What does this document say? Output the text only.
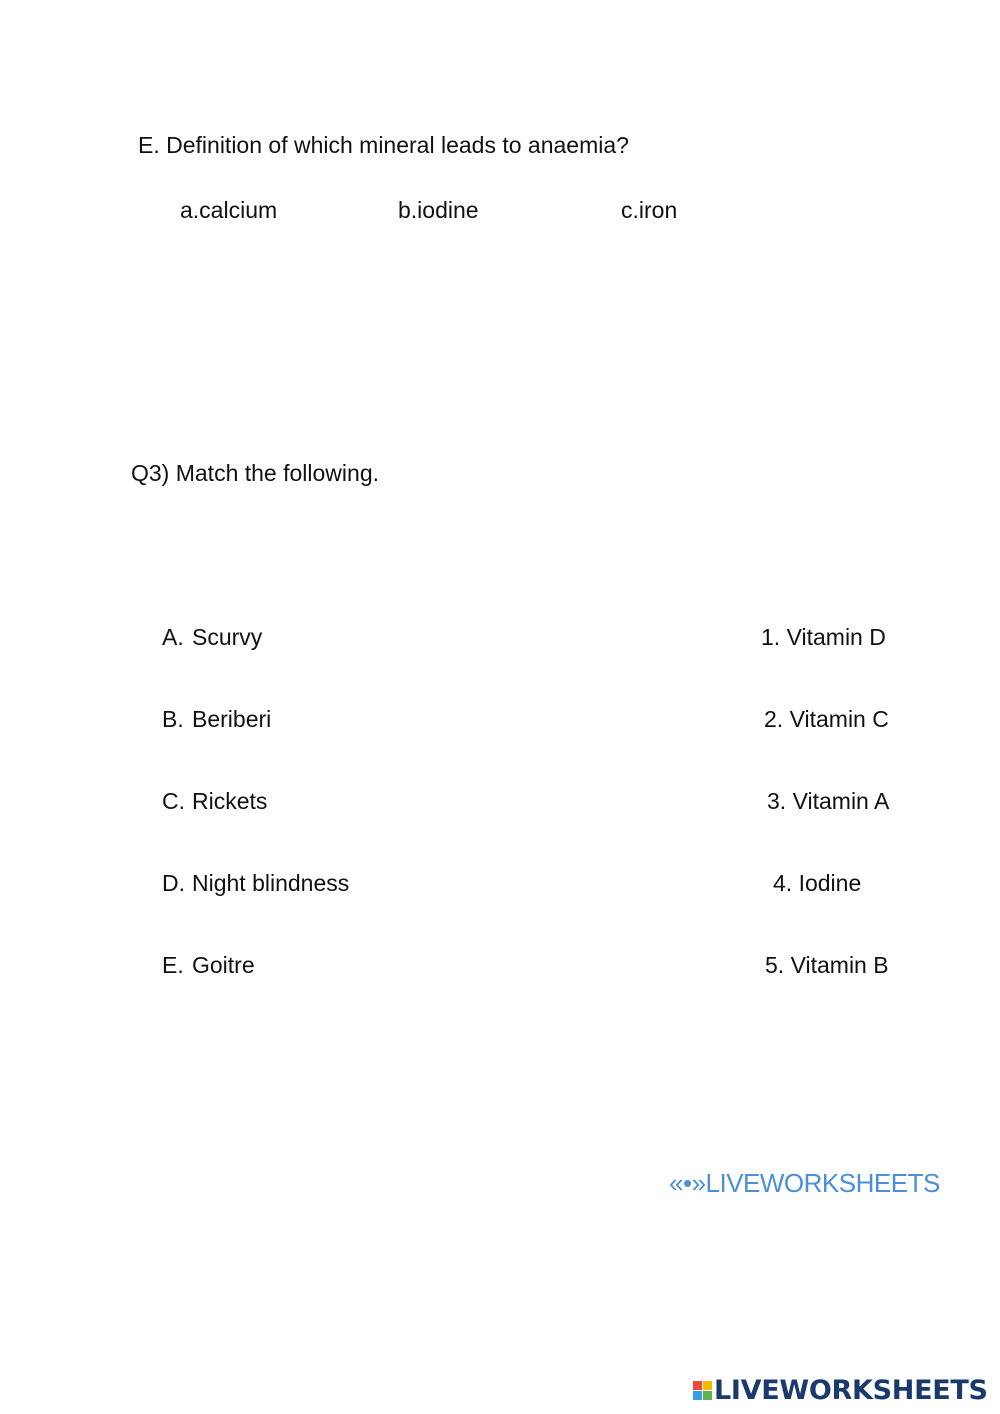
E. Definition of which mineral leads to anaemia?
a.calcium	b.iodine	c.iron
Q3) Match the following.
A. Scurvy
B. Beriberi
C. Rickets
D. Night blindness
E. Goitre
1. Vitamin D
2. Vitamin C
3. Vitamin A
4. Iodine
5. Vitamin B
«•»LIVEWORKSHEETS
LIVEWORKSHEETS
